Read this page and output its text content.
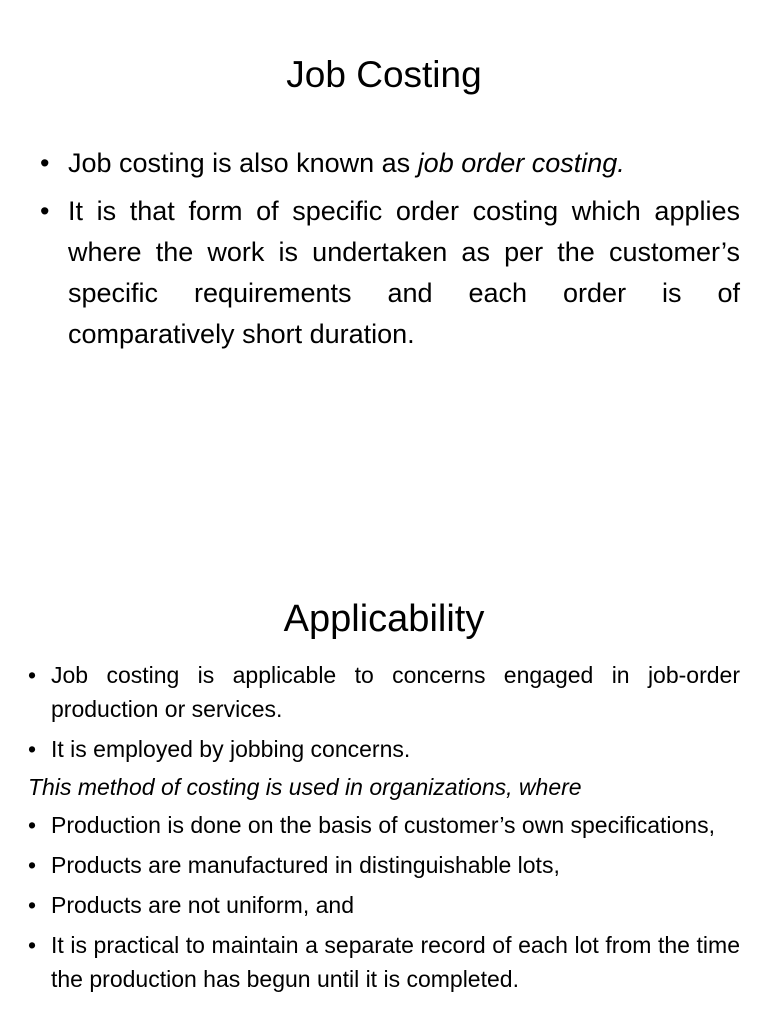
Job Costing
• Job costing is also known as job order costing.
• It is that form of specific order costing which applies where the work is undertaken as per the customer’s specific requirements and each order is of comparatively short duration.
Applicability
• Job costing is applicable to concerns engaged in job-order production or services.
• It is employed by jobbing concerns.

This method of costing is used in organizations, where

• Production is done on the basis of customer’s own specifications,
• Products are manufactured in distinguishable lots,
• Products are not uniform, and
• It is practical to maintain a separate record of each lot from the time the production has begun until it is completed.
